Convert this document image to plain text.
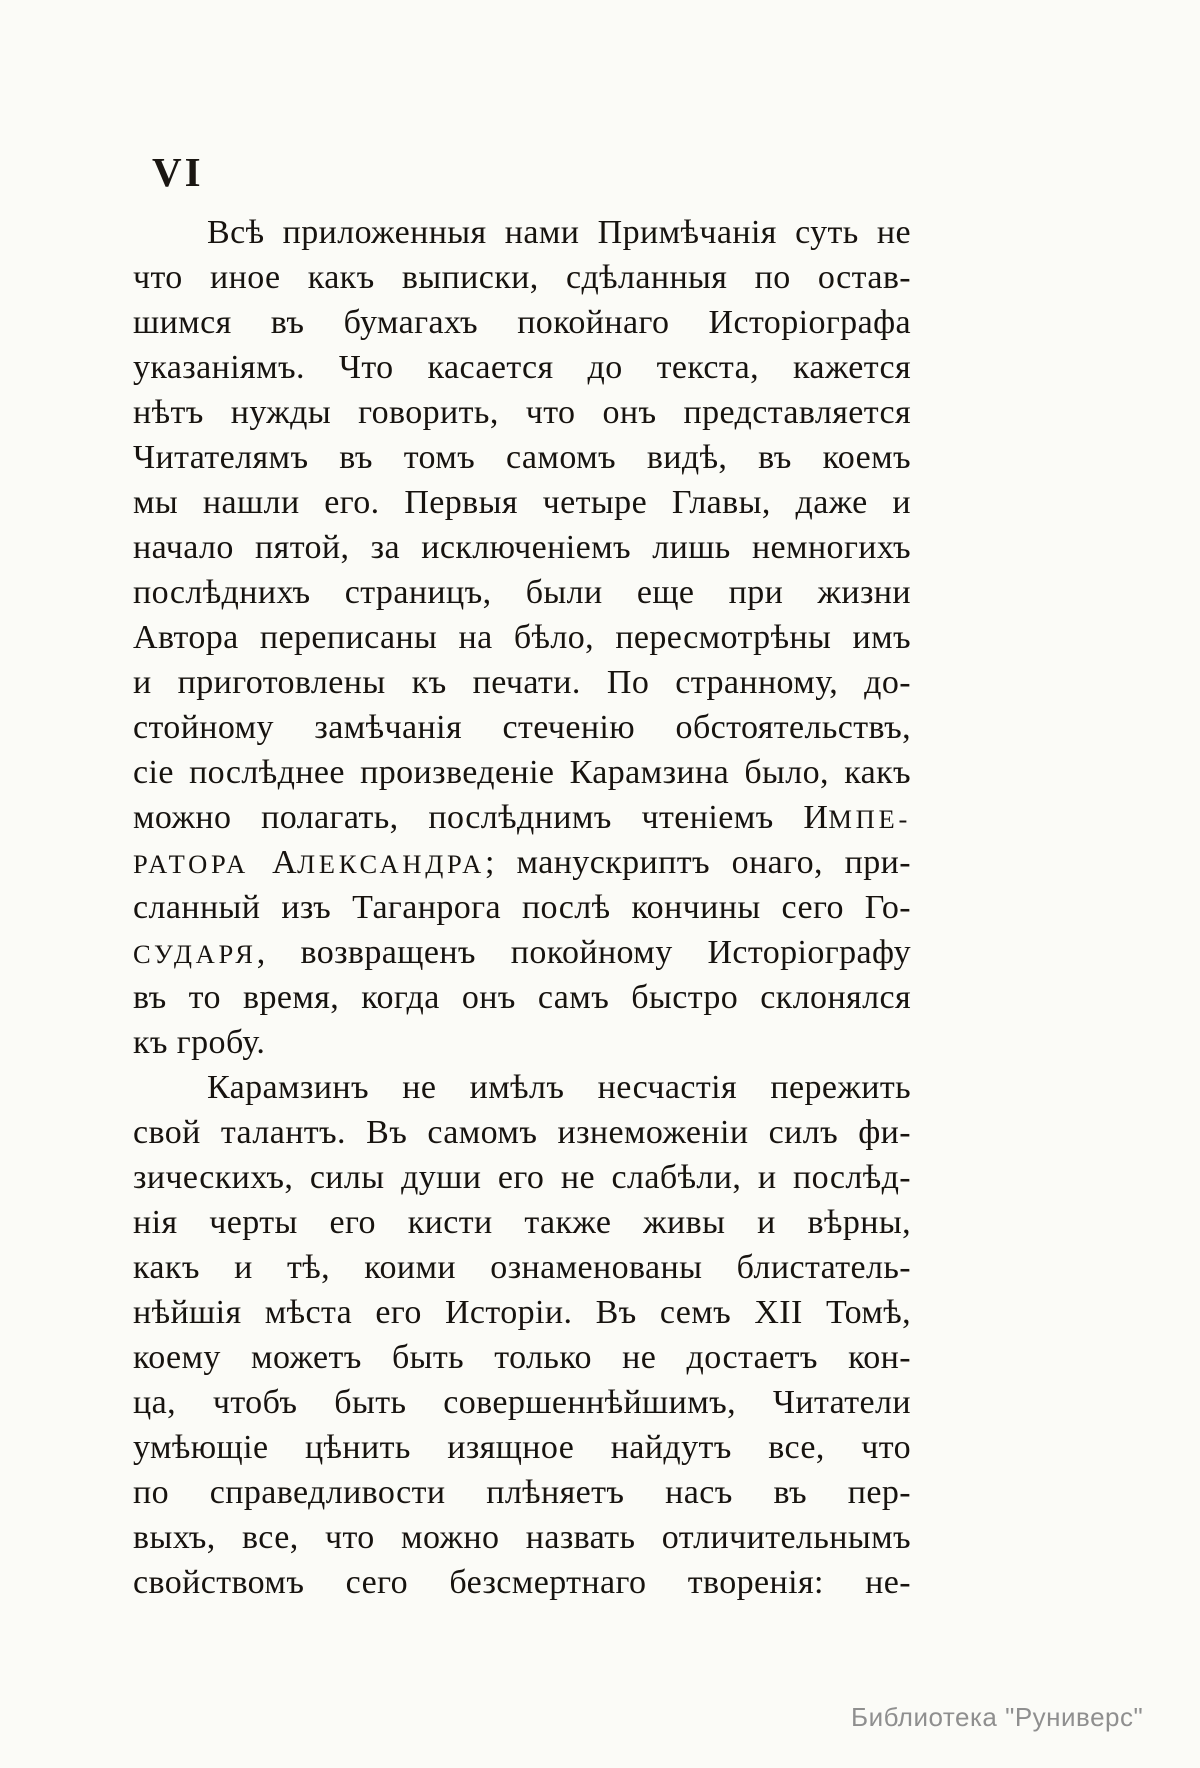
VI
Всѣ приложенныя нами Примѣчанія суть не
что иное какъ выписки, сдѣланныя по остав-
шимся въ бумагахъ покойнаго Исторіографа
указаніямъ. Что касается до текста, кажется
нѣтъ нужды говорить, что онъ представляется
Читателямъ въ томъ самомъ видѣ, въ коемъ
мы нашли его. Первыя четыре Главы, даже и
начало пятой, за исключеніемъ лишь немногихъ
послѣднихъ страницъ, были еще при жизни
Автора переписаны на бѣло, пересмотрѣны имъ
и приготовлены къ печати. По странному, до-
стойному замѣчанія стеченію обстоятельствъ,
сіе послѣднее произведеніе Карамзина было, какъ
можно полагать, послѣднимъ чтеніемъ ИМПЕ-
РАТОРА АЛЕКСАНДРА; манускриптъ онаго, при-
сланный изъ Таганрога послѣ кончины сего Го-
СУДАРЯ, возвращенъ покойному Исторіографу
въ то время, когда онъ самъ быстро склонялся
къ гробу.
Карамзинъ не имѣлъ несчастія пережить
свой талантъ. Въ самомъ изнеможеніи силъ фи-
зическихъ, силы души его не слабѣли, и послѣд-
нія черты его кисти также живы и вѣрны,
какъ и тѣ, коими ознаменованы блистатель-
нѣйшія мѣста его Исторіи. Въ семъ XII Томѣ,
коему можетъ быть только не достаетъ кон-
ца, чтобъ быть совершеннѣйшимъ, Читатели
умѣющіе цѣнить изящное найдутъ все, что
по справедливости плѣняетъ насъ въ пер-
выхъ, все, что можно назвать отличительнымъ
свойствомъ сего безсмертнаго творенія: не-
Библиотека "Руниверс"
